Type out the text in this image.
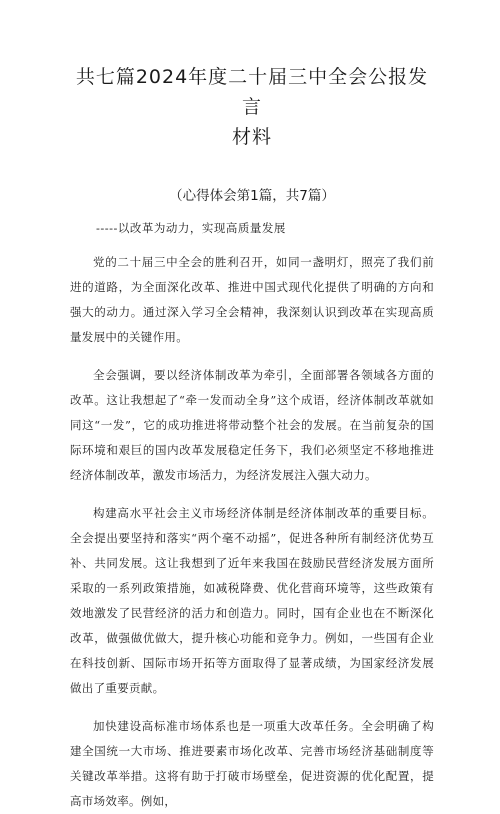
共七篇2024年度二十届三中全会公报发言
材料
（心得体会第1篇，共7篇）
-----以改革为动力，实现高质量发展

党的二十届三中全会的胜利召开，如同一盏明灯，照亮了我们前进的道路，为全面深化改革、推进中国式现代化提供了明确的方向和强大的动力。通过深入学习全会精神，我深刻认识到改革在实现高质量发展中的关键作用。

全会强调，要以经济体制改革为牵引，全面部署各领域各方面的改革。这让我想起了“牵一发而动全身”这个成语，经济体制改革就如同这“一发”，它的成功推进将带动整个社会的发展。在当前复杂的国际环境和艰巨的国内改革发展稳定任务下，我们必须坚定不移地推进经济体制改革，激发市场活力，为经济发展注入强大动力。

构建高水平社会主义市场经济体制是经济体制改革的重要目标。全会提出要坚持和落实“两个毫不动摇”，促进各种所有制经济优势互补、共同发展。这让我想到了近年来我国在鼓励民营经济发展方面所采取的一系列政策措施，如减税降费、优化营商环境等，这些政策有效地激发了民营经济的活力和创造力。同时，国有企业也在不断深化改革，做强做优做大，提升核心功能和竞争力。例如，一些国有企业在科技创新、国际市场开拓等方面取得了显著成绩，为国家经济发展做出了重要贡献。

加快建设高标准市场体系也是一项重大改革任务。全会明确了构建全国统一大市场、推进要素市场化改革、完善市场经济基础制度等关键改革举措。这将有助于打破市场壁垒，促进资源的优化配置，提高市场效率。例如，
